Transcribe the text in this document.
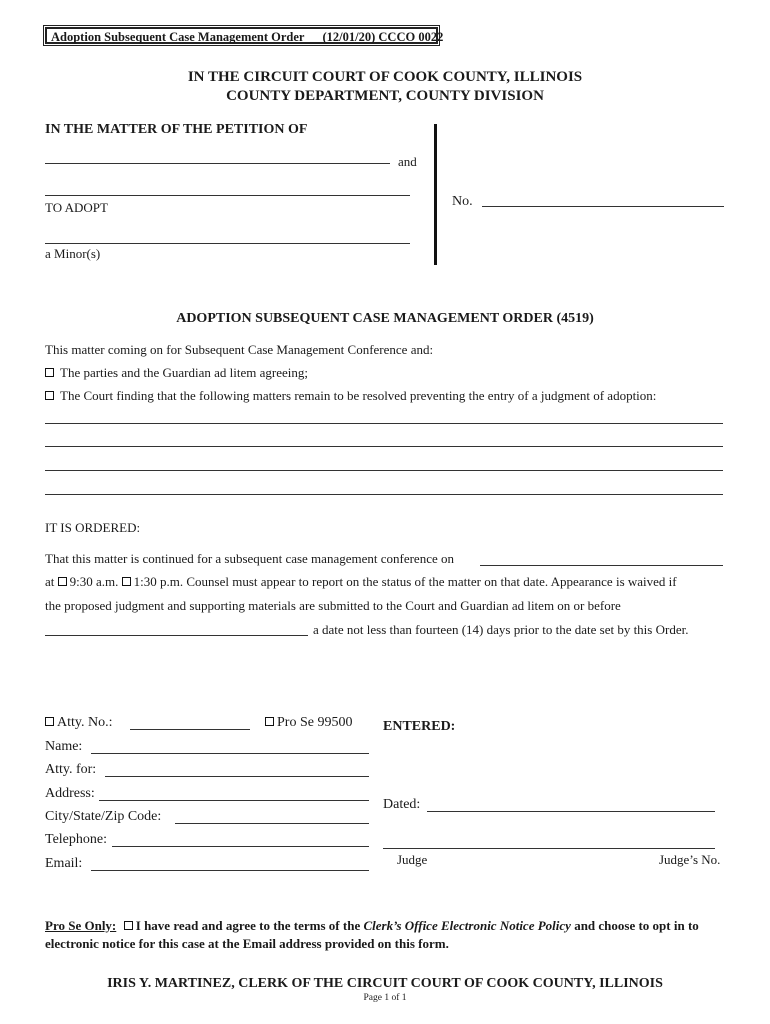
Adoption Subsequent Case Management Order (12/01/20) CCCO 0022
IN THE CIRCUIT COURT OF COOK COUNTY, ILLINOIS
COUNTY DEPARTMENT, COUNTY DIVISION
IN THE MATTER OF THE PETITION OF
and
TO ADOPT
a Minor(s)
No.
ADOPTION SUBSEQUENT CASE MANAGEMENT ORDER (4519)
This matter coming on for Subsequent Case Management Conference and:
The parties and the Guardian ad litem agreeing;
The Court finding that the following matters remain to be resolved preventing the entry of a judgment of adoption:
IT IS ORDERED:
That this matter is continued for a subsequent case management conference on
at 9:30 a.m. 1:30 p.m. Counsel must appear to report on the status of the matter on that date. Appearance is waived if
the proposed judgment and supporting materials are submitted to the Court and Guardian ad litem on or before
a date not less than fourteen (14) days prior to the date set by this Order.
Atty. No.:	Pro Se 99500
Name:
Atty. for:
Address:
City/State/Zip Code:
Telephone:
Email:
ENTERED:
Dated:
Judge	Judge’s No.
Pro Se Only:  I have read and agree to the terms of the Clerk’s Office Electronic Notice Policy and choose to opt in to
electronic notice for this case at the Email address provided on this form.
IRIS Y. MARTINEZ, CLERK OF THE CIRCUIT COURT OF COOK COUNTY, ILLINOIS
Page 1 of 1
